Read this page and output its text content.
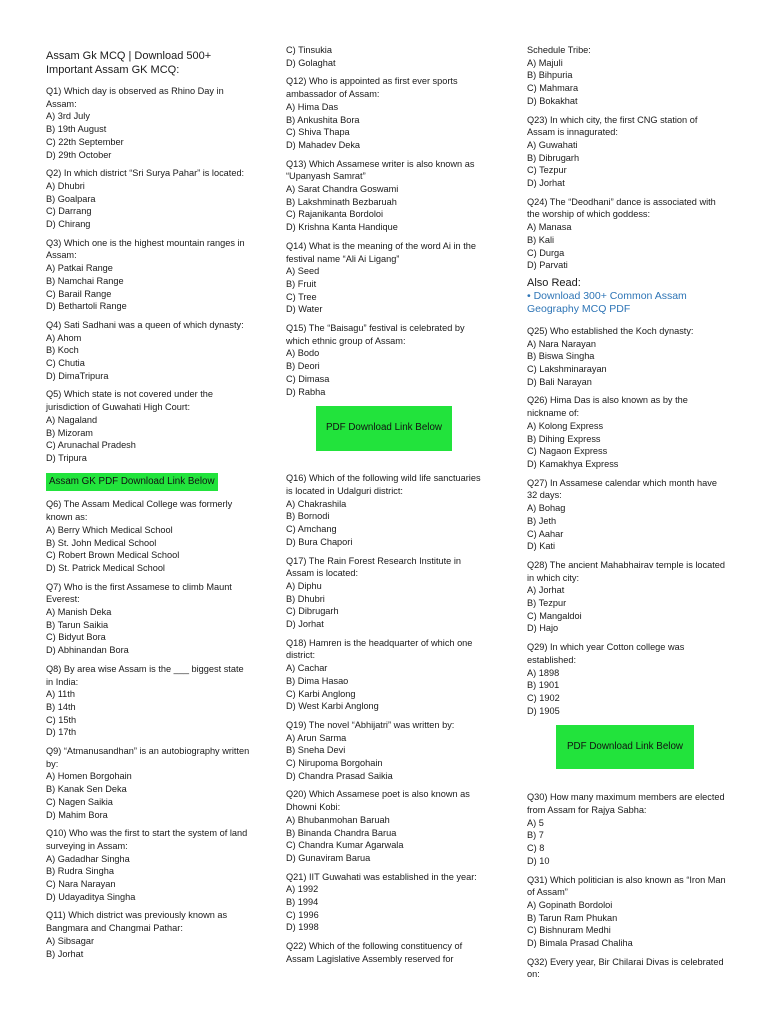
Assam Gk MCQ | Download 500+ Important Assam GK MCQ:
Q1) Which day is observed as Rhino Day in Assam:
A) 3rd July
B) 19th August
C) 22th September
D) 29th October
Q2) In which district “Sri Surya Pahar” is located:
A) Dhubri
B) Goalpara
C) Darrang
D) Chirang
Q3) Which one is the highest mountain ranges in Assam:
A) Patkai Range
B) Namchai Range
C) Barail Range
D) Bethartoli Range
Q4) Sati Sadhani was a queen of which dynasty:
A) Ahom
B) Koch
C) Chutia
D) DimaTripura
Q5) Which state is not covered under the jurisdiction of Guwahati High Court:
A) Nagaland
B) Mizoram
C) Arunachal Pradesh
D) Tripura
Assam GK PDF Download Link Below
Q6) The Assam Medical College was formerly known as:
A) Berry Which Medical School
B) St. John Medical School
C) Robert Brown Medical School
D) St. Patrick Medical School
Q7) Who is the first Assamese to climb Maunt Everest:
A) Manish Deka
B) Tarun Saikia
C) Bidyut Bora
D) Abhinandan Bora
Q8) By area wise Assam is the ___ biggest state in India:
A) 11th
B) 14th
C) 15th
D) 17th
Q9) “Atmanusandhan” is an autobiography written by:
A) Homen Borgohain
B) Kanak Sen Deka
C) Nagen Saikia
D) Mahim Bora
Q10) Who was the first to start the system of land surveying in Assam:
A) Gadadhar Singha
B) Rudra Singha
C) Nara Narayan
D) Udayaditya Singha
Q11) Which district was previously known as Bangmara and Changmai Pathar:
A) Sibsagar
B) Jorhat
C) Tinsukia
D) Golaghat
Q12) Who is appointed as first ever sports ambassador of Assam:
A) Hima Das
B) Ankushita Bora
C) Shiva Thapa
D) Mahadev Deka
Q13) Which Assamese writer is also known as “Upanyash Samrat”
A) Sarat Chandra Goswami
B) Lakshminath Bezbaruah
C) Rajanikanta Bordoloi
D) Krishna Kanta Handique
Q14) What is the meaning of the word Ai in the festival name “Ali Ai Ligang”
A) Seed
B) Fruit
C) Tree
D) Water
Q15) The “Baisagu” festival is celebrated by which ethnic group of Assam:
A) Bodo
B) Deori
C) Dimasa
D) Rabha
PDF Download Link Below
Q16) Which of the following wild life sanctuaries is located in Udalguri district:
A) Chakrashila
B) Bornodi
C) Amchang
D) Bura Chapori
Q17) The Rain Forest Research Institute in Assam is located:
A) Diphu
B) Dhubri
C) Dibrugarh
D) Jorhat
Q18) Hamren is the headquarter of which one district:
A) Cachar
B) Dima Hasao
C) Karbi Anglong
D) West Karbi Anglong
Q19) The novel “Abhijatri” was written by:
A) Arun Sarma
B) Sneha Devi
C) Nirupoma Borgohain
D) Chandra Prasad Saikia
Q20) Which Assamese poet is also known as Dhowni Kobi:
A) Bhubanmohan Baruah
B) Binanda Chandra Barua
C) Chandra Kumar Agarwala
D) Gunaviram Barua
Q21) IIT Guwahati was established in the year:
A) 1992
B) 1994
C) 1996
D) 1998
Q22) Which of the following constituency of Assam Lagislative Assembly reserved for
Schedule Tribe:
A) Majuli
B) Bihpuria
C) Mahmara
D) Bokakhat
Q23) In which city, the first CNG station of Assam is innagurated:
A) Guwahati
B) Dibrugarh
C) Tezpur
D) Jorhat
Q24) The “Deodhani” dance is associated with the worship of which goddess:
A) Manasa
B) Kali
C) Durga
D) Parvati
Also Read:
• Download 300+ Common Assam Geography MCQ PDF
Q25) Who established the Koch dynasty:
A) Nara Narayan
B) Biswa Singha
C) Lakshminarayan
D) Bali Narayan
Q26) Hima Das is also known as by the nickname of:
A) Kolong Express
B) Dihing Express
C) Nagaon Express
D) Kamakhya Express
Q27) In Assamese calendar which month have 32 days:
A) Bohag
B) Jeth
C) Aahar
D) Kati
Q28) The ancient Mahabhairav temple is located in which city:
A) Jorhat
B) Tezpur
C) Mangaldoi
D) Hajo
Q29) In which year Cotton college was established:
A) 1898
B) 1901
C) 1902
D) 1905
PDF Download Link Below
Q30) How many maximum members are elected from Assam for Rajya Sabha:
A) 5
B) 7
C) 8
D) 10
Q31) Which politician is also known as “Iron Man of Assam”
A) Gopinath Bordoloi
B) Tarun Ram Phukan
C) Bishnuram Medhi
D) Bimala Prasad Chaliha
Q32) Every year, Bir Chilarai Divas is celebrated on:
